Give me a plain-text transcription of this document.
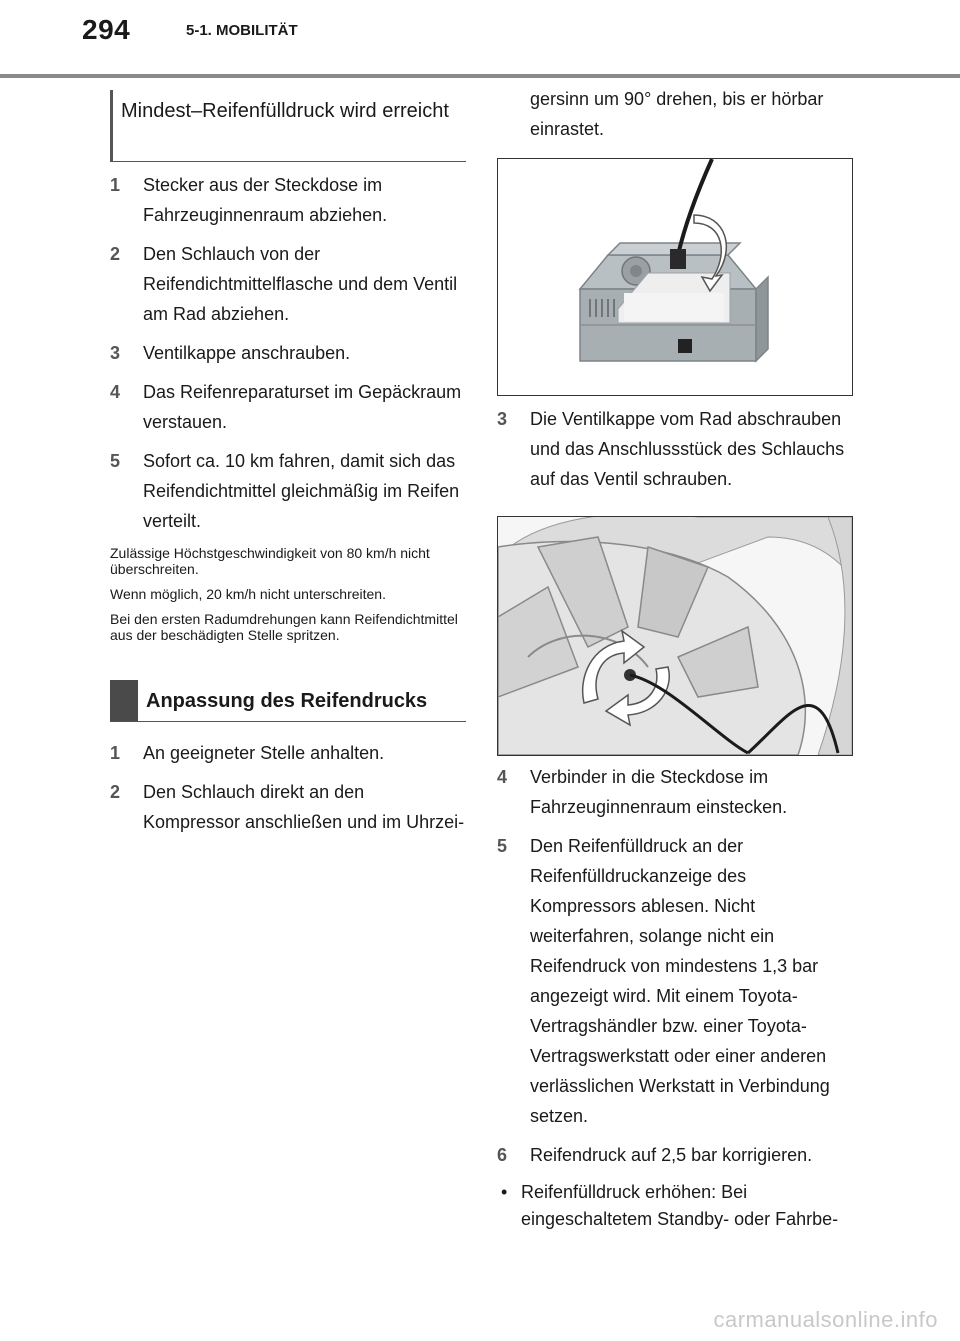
294	5-1. MOBILITÄT
Mindest–Reifenfülldruck wird erreicht
1	Stecker aus der Steckdose im Fahrzeuginnenraum abziehen.
2	Den Schlauch von der Reifendichtmittelflasche und dem Ventil am Rad abziehen.
3	Ventilkappe anschrauben.
4	Das Reifenreparaturset im Gepäckraum verstauen.
5	Sofort ca. 10 km fahren, damit sich das Reifendichtmittel gleichmäßig im Reifen verteilt.
Zulässige Höchstgeschwindigkeit von 80 km/h nicht überschreiten.
Wenn möglich, 20 km/h nicht unterschreiten.
Bei den ersten Radumdrehungen kann Reifendichtmittel aus der beschädigten Stelle spritzen.
Anpassung des Reifendrucks
1	An geeigneter Stelle anhalten.
2	Den Schlauch direkt an den Kompressor anschließen und im Uhrzei-
gersinn um 90° drehen, bis er hörbar einrastet.
3	Die Ventilkappe vom Rad abschrauben und das Anschlussstück des Schlauchs auf das Ventil schrauben.
4	Verbinder in die Steckdose im Fahrzeuginnenraum einstecken.
5	Den Reifenfülldruck an der Reifenfülldruckanzeige des Kompressors ablesen. Nicht weiterfahren, solange nicht ein Reifendruck von mindestens 1,3 bar angezeigt wird. Mit einem Toyota-Vertragshändler bzw. einer Toyota-Vertragswerkstatt oder einer anderen verlässlichen Werkstatt in Verbindung setzen.
6	Reifendruck auf 2,5 bar korrigieren.
• Reifenfülldruck erhöhen: Bei eingeschaltetem Standby- oder Fahrbe-
carmanualsonline.info
